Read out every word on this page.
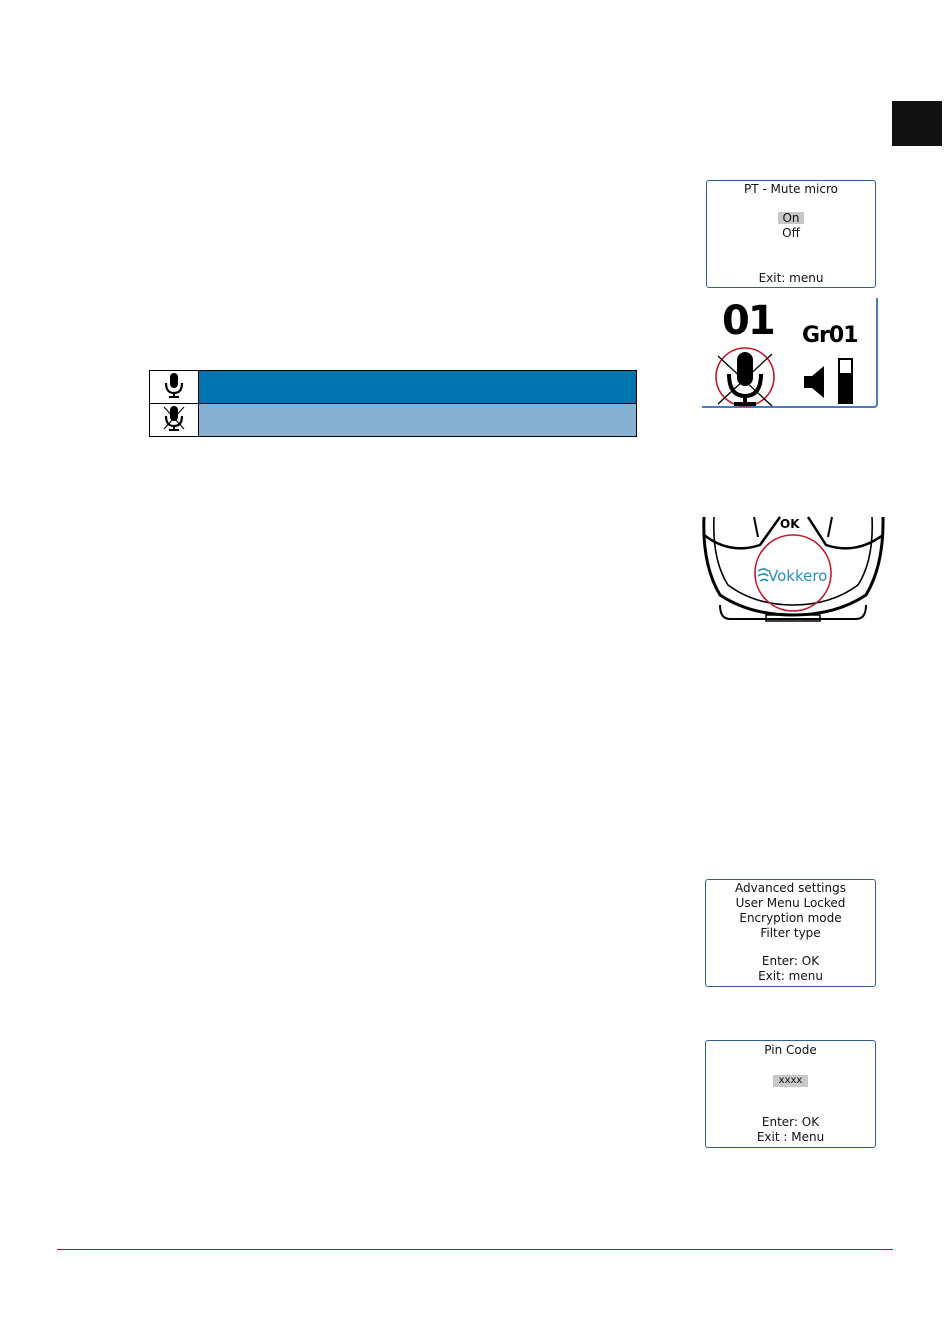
PT - Mute micro
On
Off
Exit: menu
01 Gr01

OK
Vokkero
Advanced settings
User Menu Locked
Encryption mode
Filter type
Enter: OK
Exit: menu
Pin Code
xxxx
Enter: OK
Exit : Menu
